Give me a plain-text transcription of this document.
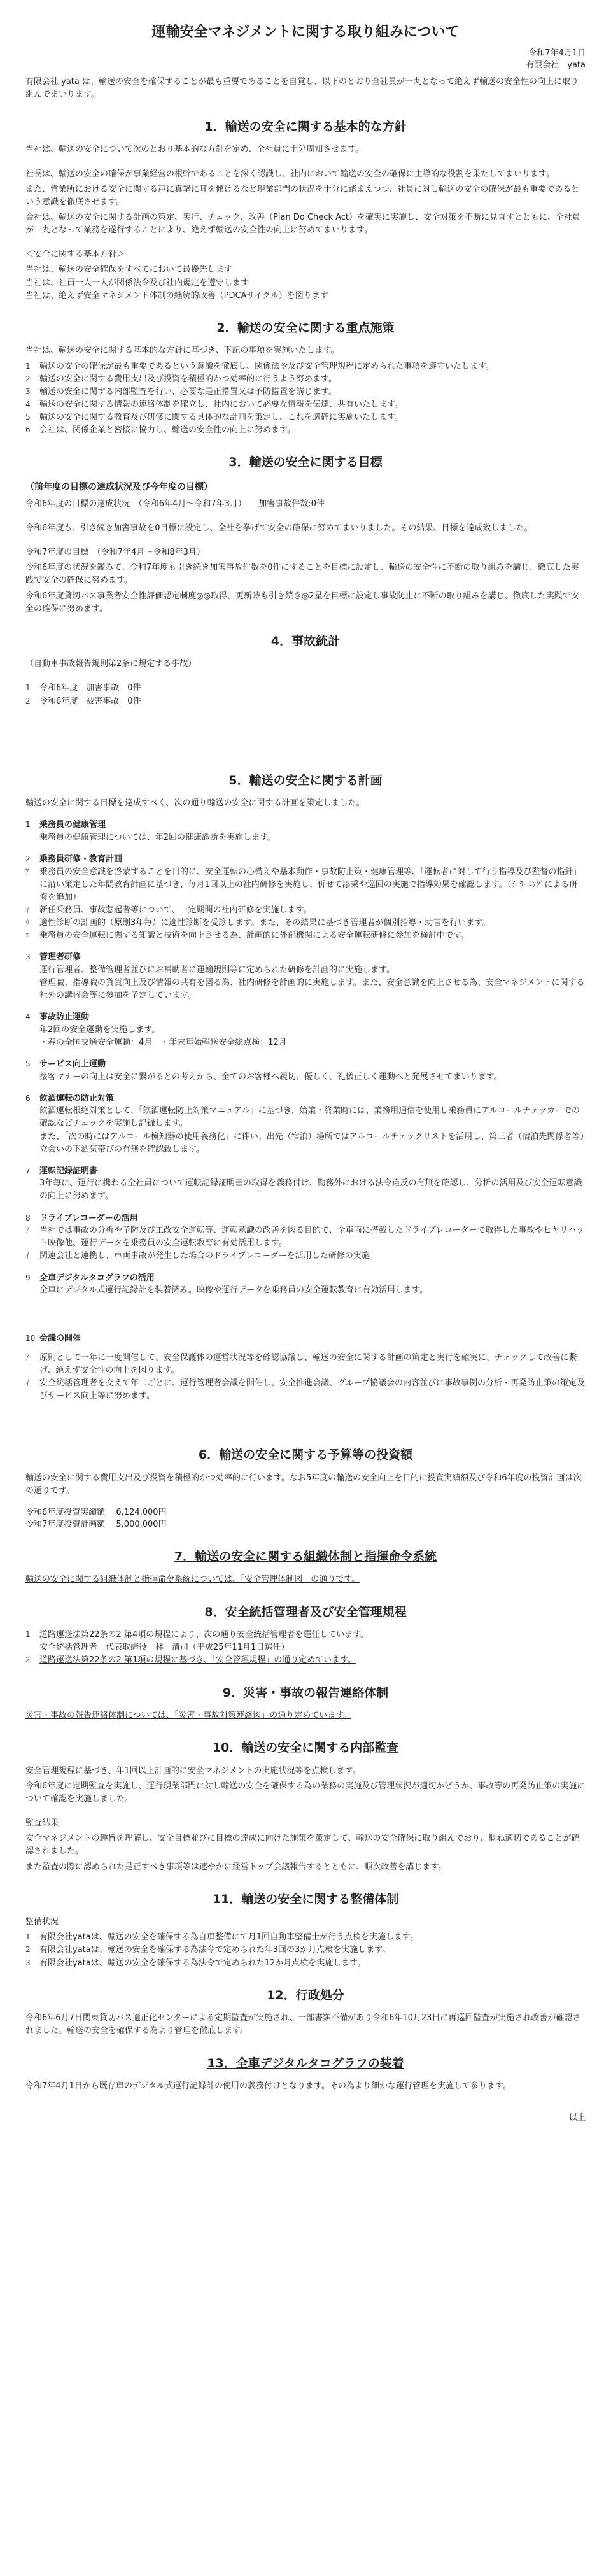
運輸安全マネジメントに関する取り組みについて
令和7年4月1日
有限会社　yata

有限会社 yata は、輸送の安全を確保することが最も重要であることを自覚し、以下のとおり全社員が一丸となって絶えず輸送の安全性の向上に取り組んでまいります。

1．輸送の安全に関する基本的な方針

当社は、輸送の安全について次のとおり基本的な方針を定め、全社員に十分周知させます。

社長は、輸送の安全の確保が事業経営の根幹であることを深く認識し、社内において輸送の安全の確保に主導的な役割を果たしてまいります。

また、営業所における安全に関する声に真摯に耳を傾けるなど現業部門の状況を十分に踏まえつつ、社員に対し輸送の安全の確保が最も重要であるという意識を徹底させます。

会社は、輸送の安全に関する計画の策定、実行、チェック、改善（Plan Do Check Act）を確実に実施し、安全対策を不断に見直すとともに、全社員が一丸となって業務を遂行することにより、絶えず輸送の安全性の向上に努めてまいります。

＜安全に関する基本方針＞
当社は、輸送の安全確保をすべてにおいて最優先します
当社は、社員一人一人が関係法令及び社内規定を遵守します
当社は、絶えず安全マネジメント体制の継続的改善（PDCAサイクル）を図ります
2．輸送の安全に関する重点施策

当社は、輸送の安全に関する基本的な方針に基づき、下記の事項を実施いたします。

1	輸送の安全の確保が最も重要であるという意識を徹底し、関係法令及び安全管理規程に定められた事項を遵守いたします。
2	輸送の安全に関する費用支出及び投資を積極的かつ効率的に行うよう努めます。
3	輸送の安全に関する内部監査を行い、必要な是正措置又は予防措置を講じます。
4	輸送の安全に関する情報の連絡体制を確立し、社内において必要な情報を伝達、共有いたします。
5	輸送の安全に関する教育及び研修に関する具体的な計画を策定し、これを適確に実施いたします。
6	会社は、関係企業と密接に協力し、輸送の安全性の向上に努めます。
3．輸送の安全に関する目標
（前年度の目標の達成状況及び今年度の目標）

令和6年度の目標の達成状況　（令和6年4月～令和7年3月）　　加害事故件数:0件

令和6年度も、引き続き加害事故を0目標に設定し、全社を挙げて安全の確保に努めてまいりました。その結果、目標を達成致しました。

令和7年度の目標　（令和7年4月～令和8年3月）

令和6年度の状況を鑑みて、令和7年度も引き続き加害事故件数を0件にすることを目標に設定し、輸送の安全性に不断の取り組みを講じ、徹底した実践で安全の確保に努めます。

令和6年度貸切バス事業者安全性評価認定制度◎◎取得、更新時も引き続き◎2星を目標に設定し事故防止に不断の取り組みを講じ、徹底した実践で安全の確保に努めます。

4．事故統計

（自動車事故報告規則第2条に規定する事故）

1	令和6年度　加害事故　0件
2	令和6年度　被害事故　0件
5．輸送の安全に関する計画

輸送の安全に関する目標を達成すべく、次の通り輸送の安全に関する計画を策定しました。

1	乗務員の健康管理
乗務員の健康管理については、年2回の健康診断を実施します。
2	乗務員研修・教育計画
ｱ	乗務員の安全意識を啓蒙することを目的に、安全運転の心構えや基本動作・事故防止策・健康管理等、「運転者に対して行う指導及び監督の指針」に沿い策定した年間教育計画に基づき、毎月1回以上の社内研修を実施し、併せて添乗や巡回の実施で指導効果を確認します。（ｲｰﾗｰﾆﾝｸﾞによる研修を追加）
ｲ	新任乗務員、事故惹起者等について、一定期間の社内研修を実施します。
ｳ	適性診断の計画的（原則3年毎）に適性診断を受診します。また、その結果に基づき管理者が個別指導・助言を行います。
ｴ	乗務員の安全運転に関する知識と技術を向上させる為、計画的に外部機関による安全運転研修に参加を検討中です。
3	管理者研修
運行管理者、整備管理者並びにお補助者に運輸規則等に定められた研修を計画的に実施します。
管理職、指導職の貸貨向上及び情報の共有を図る為、社内研修を計画的に実施します。また、安全意識を向上させる為、安全マネジメントに関する社外の講習会等に参加を予定しています。
4	事故防止運動
年2回の安全運動を実施します。
・春の全国交通安全運動：4月　・年末年始輸送安全総点検：12月
5	サービス向上運動
接客マナーの向上は安全に繋がるとの考えから、全てのお客様へ親切、優しく、礼儀正しく運動へと発展させてまいります。
6	飲酒運転の防止対策
飲酒運転根絶対策として、「飲酒運転防止対策マニュアル」に基づき、始業・終業時には、業務用通信を使用し乗務員にアルコールチェッカーでの確認などチェックを実施し記録します。
また、「次の時にはアルコール検知器の使用義務化」に伴い、出先（宿泊）場所ではアルコールチェックリストを活用し、第三者（宿泊先関係者等）立会いの下酒気帯びの有無を確認致します。
7	運転記録証明書
3年毎に、運行に携わる全社員について運転記録証明書の取得を義務付け、勤務外における法令違反の有無を確認し、分析の活用及び安全運転意識の向上に努めます。
8	ドライブレコーダーの活用
ｱ	当社では事故の分析や予防及び工改安全運転等、運転意識の改善を図る目的で、全車両に搭載したドライブレコーダーで取得した事故やヒヤリハット映像他、運行データを乗務員の安全運転教育に有効活用します。
ｲ	関連会社と連携し、車両事故が発生した場合のドライブレコーダーを活用した研修の実施
9	全車デジタルタコグラフの活用
全車にデジタル式運行記録計を装着済み。映像や運行データを乗務員の安全運転教育に有効活用します。
10 会議の開催
ｱ	原則として一年に一度開催して、安全保護体の運営状況等を確認協議し、輸送の安全に関する計画の策定と実行を確実に、チェックして改善に繋げ、絶えず安全性の向上を図ります。
ｲ	安全統括管理者を交えて年二ごとに、運行管理者会議を開催し、安全推進会議、グループ協議会の内容並びに事故事例の分析・再発防止策の策定及びサービス向上等に努めます。
6．輸送の安全に関する予算等の投資額

輸送の安全に関する費用支出及び投資を積極的かつ効率的に行います。なお5年度の輸送の安全向上を目的に投資実績額及び令和6年度の投資計画は次の通りです。

令和6年度投資実績額　 6,124,000円
令和7年度投資計画額　 5,000,000円
7．輸送の安全に関する組織体制と指揮命令系統

輸送の安全に関する組織体制と指揮命令系統については、「安全管理体制図」の通りです。

8．安全統括管理者及び安全管理規程
1	道路運送法第22条の2 第4項の規程により、次の通り安全統括管理者を選任しています。
安全統括管理者　代表取締役　林　清司（平成25年11月1日選任）
2	道路運送法第22条の2 第1項の規程に基づき、「安全管理規程」の通り定めています。
9．災害・事故の報告連絡体制

災害・事故の報告連絡体制については、「災害・事故対策連絡図」の通り定めています。

10．輸送の安全に関する内部監査

安全管理規程に基づき、年1回以上計画的に安全マネジメントの実施状況等を点検します。

令和6年度に定期監査を実施し、運行現業部門に対し輸送の安全を確保する為の業務の実施及び管理状況が適切かどうか、事故等の再発防止策の実施について確認を実施しました。

監査結果

安全マネジメントの趣旨を理解し、安全目標並びに目標の達成に向けた施策を策定して、輸送の安全確保に取り組んでおり、概ね適切であることが確認されました。

また監査の際に認められた是正すべき事項等は速やかに経営トップ会議報告するとともに、順次改善を講じます。

11．輸送の安全に関する整備体制
整備状況
1	有限会社yataは、輸送の安全を確保する為自車整備にて月1回自動車整備士が行う点検を実施します。
2	有限会社yataは、輸送の安全を確保する為法令で定められた年3回の3か月点検を実施します。
3	有限会社yataは、輸送の安全を確保する為法令で定められた12か月点検を実施します。
12．行政処分

令和6年6月7日関東貸切バス適正化センターによる定期監査が実施され、一部書類不備があり令和6年10月23日に再巡回監査が実施され改善が確認されました。輸送の安全を確保する為より管理を徹底します。

13．全車デジタルタコグラフの装着

令和7年4月1日から既存車のデジタル式運行記録計の使用の義務付けとなります。その為より細かな運行管理を実施して参ります。

以上
